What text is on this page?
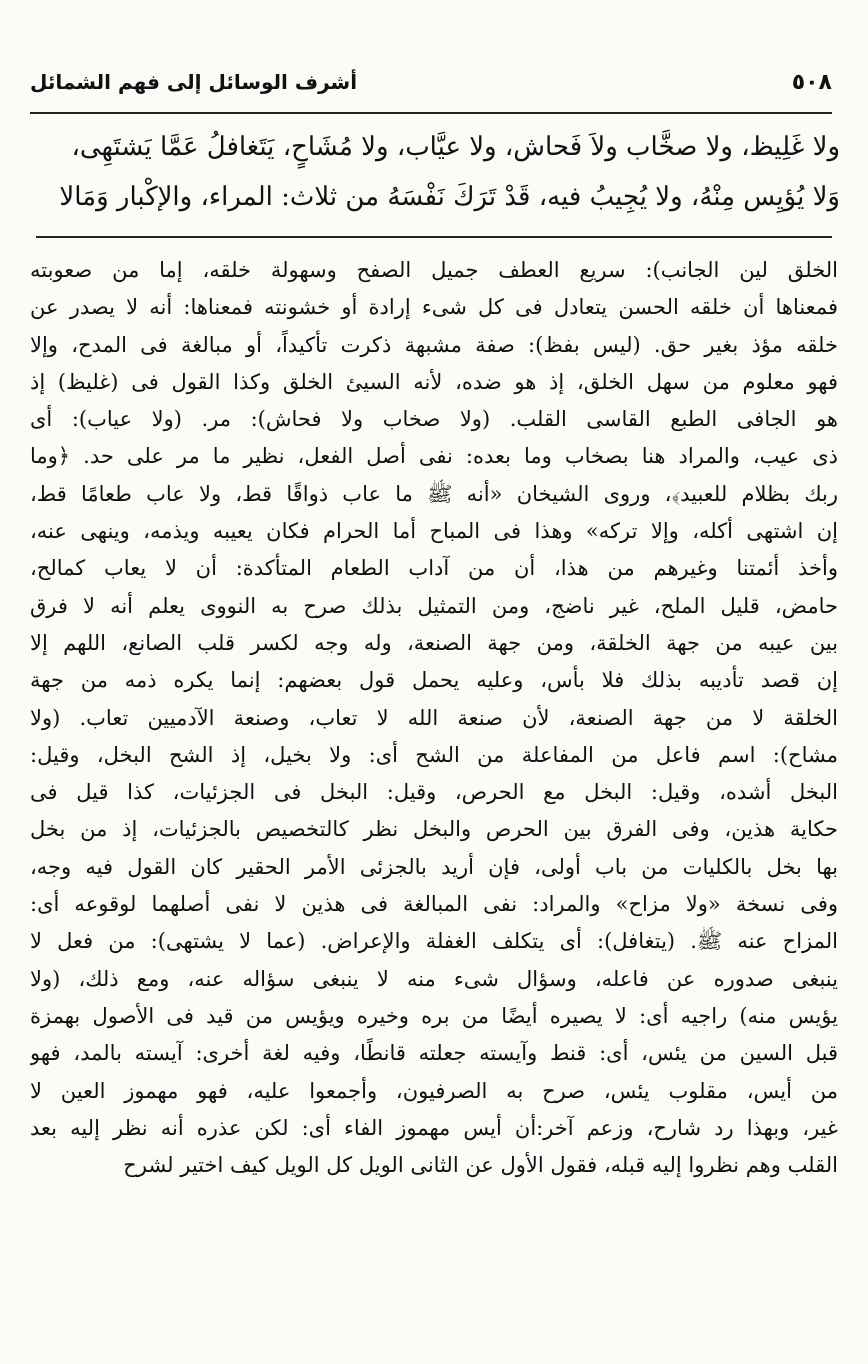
٥٠٨
أشرف الوسائل إلى فهم الشمائل
ولا غَلِيظ، ولا صخَّاب ولاَ فَحاش، ولا عيَّاب، ولا مُشَاحٍ، يَتَغافلُ عَمَّا يَشتَهِى،
وَلا يُؤيِس مِنْهُ، ولا يُجِيبُ فيه، قَدْ تَرَكَ نَفْسَهُ من ثلاث: المراء، والإكْبار وَمَالا
الخلق لين الجانب): سريع العطف جميل الصفح وسهولة خلقه، إما من صعوبته
فمعناها أن خلقه الحسن يتعادل فى كل شىء إرادة أو خشونته فمعناها: أنه لا يصدر عن
خلقه مؤذ بغير حق. (ليس بفظ): صفة مشبهة ذكرت تأكيداً، أو مبالغة فى المدح، وإلا
فهو معلوم من سهل الخلق، إذ هو ضده، لأنه السيئ الخلق وكذا القول فى (غليظ) إذ
هو الجافى الطبع القاسى القلب. (ولا صخاب ولا فحاش): مر. (ولا عياب): أى
ذى عيب، والمراد هنا بصخاب وما بعده: نفى أصل الفعل، نظير ما مر على حد. ﴿وما
ربك بظلام للعبيد﴾، وروى الشيخان «أنه ﷺ ما عاب ذواقًا قط، ولا عاب طعامًا قط،
إن اشتهى أكله، وإلا تركه» وهذا فى المباح أما الحرام فكان يعيبه ويذمه، وينهى عنه،
وأخذ أئمتنا وغيرهم من هذا، أن من آداب الطعام المتأكدة: أن لا يعاب كمالح،
حامض، قليل الملح، غير ناضج، ومن التمثيل بذلك صرح به النووى يعلم أنه لا فرق
بين عيبه من جهة الخلقة، ومن جهة الصنعة، وله وجه لكسر قلب الصانع، اللهم إلا
إن قصد تأديبه بذلك فلا بأس، وعليه يحمل قول بعضهم: إنما يكره ذمه من جهة
الخلقة لا من جهة الصنعة، لأن صنعة الله لا تعاب، وصنعة الآدميين تعاب. (ولا
مشاح): اسم فاعل من المفاعلة من الشح أى: ولا بخيل، إذ الشح البخل، وقيل:
البخل أشده، وقيل: البخل مع الحرص، وقيل: البخل فى الجزئيات، كذا قيل فى
حكاية هذين، وفى الفرق بين الحرص والبخل نظر كالتخصيص بالجزئيات، إذ من بخل
بها بخل بالكليات من باب أولى، فإن أريد بالجزئى الأمر الحقير كان القول فيه وجه،
وفى نسخة «ولا مزاح» والمراد: نفى المبالغة فى هذين لا نفى أصلهما لوقوعه أى:
المزاح عنه ﷺ. (يتغافل): أى يتكلف الغفلة والإعراض. (عما لا يشتهى): من فعل لا
ينبغى صدوره عن فاعله، وسؤال شىء منه لا ينبغى سؤاله عنه، ومع ذلك، (ولا
يؤيس منه) راجيه أى: لا يصيره أيضًا من بره وخيره ويؤيس من قيد فى الأصول بهمزة
قبل السين من يئس، أى: قنط وآيسته جعلته قانطًا، وفيه لغة أخرى: آيسته بالمد، فهو
من أيس، مقلوب يئس، صرح به الصرفيون، وأجمعوا عليه، فهو مهموز العين لا
غير، وبهذا رد شارح، وزعم آخر:أن أيس مهموز الفاء أى: لكن عذره أنه نظر إليه بعد
القلب وهم نظروا إليه قبله، فقول الأول عن الثانى الويل كل الويل كيف اختير لشرح
